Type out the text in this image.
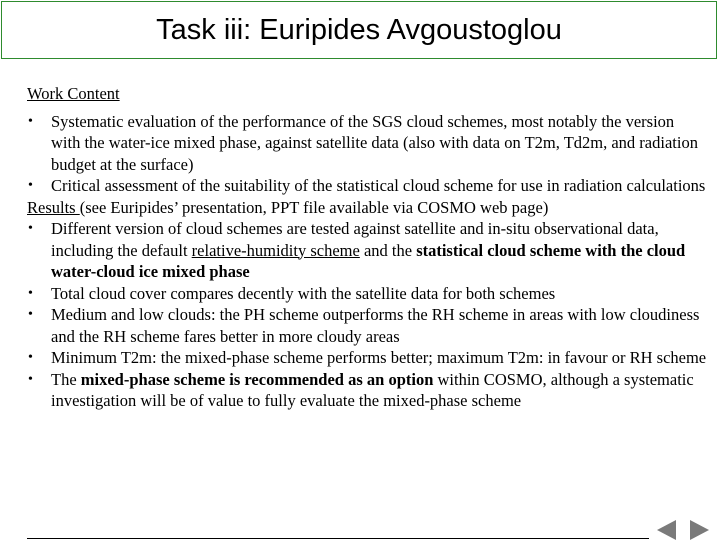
Task iii: Euripides Avgoustoglou
Work Content
• Systematic evaluation of the performance of the SGS cloud schemes, most notably the version with the water-ice mixed phase, against satellite data (also with data on T2m, Td2m, and radiation budget at the surface)
• Critical assessment of the suitability of the statistical cloud scheme for use in radiation calculations
Results (see Euripides’ presentation, PPT file available via COSMO web page)
• Different version of cloud schemes are tested against satellite and in-situ observational data, including the default relative-humidity scheme and the statistical cloud scheme with the cloud water-cloud ice mixed phase
• Total cloud cover compares decently with the satellite data for both schemes
• Medium and low clouds: the PH scheme outperforms the RH scheme in areas with low cloudiness and the RH scheme fares better in more cloudy areas
• Minimum T2m: the mixed-phase scheme performs better; maximum T2m: in favour or RH scheme
• The mixed-phase scheme is recommended as an option within COSMO, although a systematic investigation will be of value to fully evaluate the mixed-phase scheme
